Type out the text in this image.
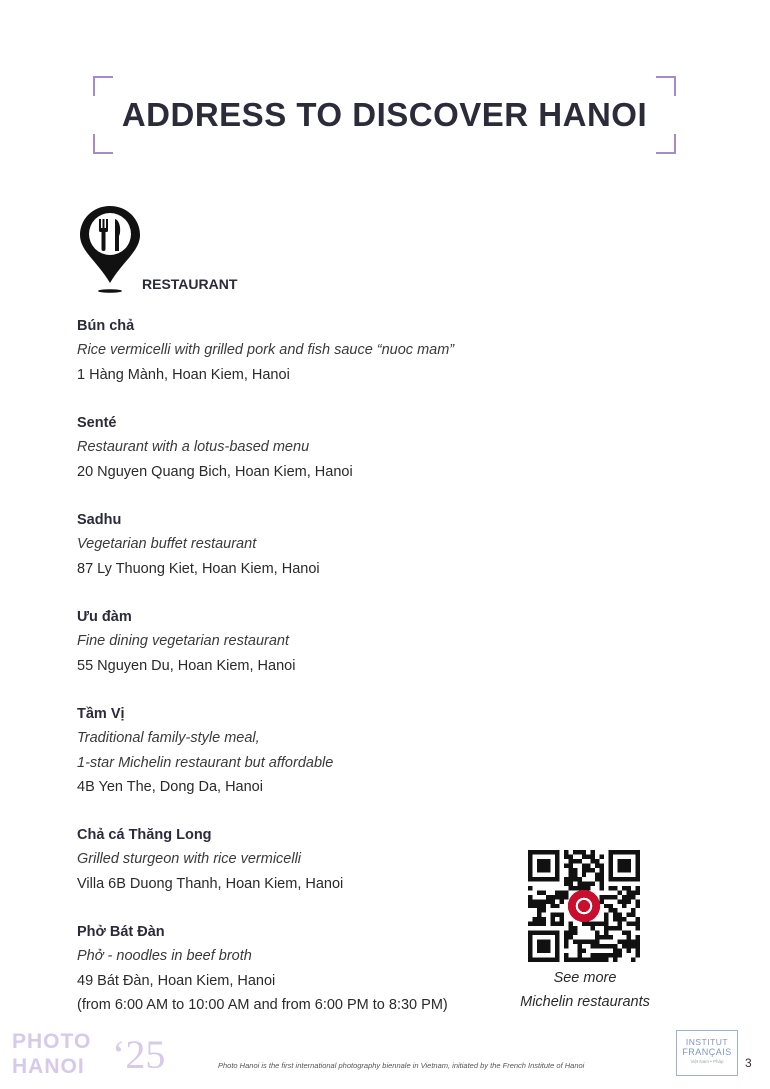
ADDRESS TO DISCOVER HANOI
RESTAURANT
Bún chả
Rice vermicelli with grilled pork and fish sauce “nuoc mam”
1 Hàng Mành, Hoan Kiem, Hanoi
Senté
Restaurant with a lotus-based menu
20 Nguyen Quang Bich, Hoan Kiem, Hanoi
Sadhu
Vegetarian buffet restaurant
87 Ly Thuong Kiet, Hoan Kiem, Hanoi
Ưu đàm
Fine dining vegetarian restaurant
55 Nguyen Du, Hoan Kiem, Hanoi
Tầm Vị
Traditional family-style meal,
1-star Michelin restaurant but affordable
4B Yen The, Dong Da, Hanoi
Chả cá Thăng Long
Grilled sturgeon with rice vermicelli
Villa 6B Duong Thanh, Hoan Kiem, Hanoi
Phở Bát Đàn
Phở - noodles in beef broth
49 Bát Đàn, Hoan Kiem, Hanoi
(from 6:00 AM to 10:00 AM and from 6:00 PM to 8:30 PM)
See more
Michelin restaurants
PHOTO
HANOI ‘25	Photo Hanoi is the first international photography biennale in Vietnam, initiated by the French Institute of Hanoi
INSTITUT
FRANÇAIS
Việt Nam • Pháp	3
